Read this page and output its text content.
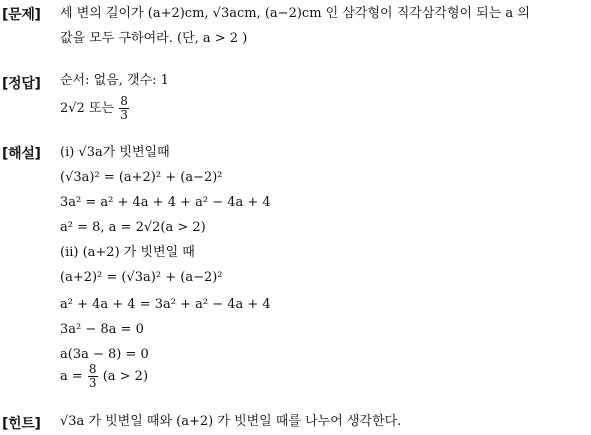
[문제] 세 변의 길이가 (a+2)cm, √3acm, (a−2)cm 인 삼각형이 직각삼각형이 되는 a 의
값을 모두 구하여라. (단, a > 2 )
[정답] 순서: 없음, 갯수: 1
2√2 또는 $\frac{8}{3}$
[해설] (i) √3a가 빗변일때
(√3a)² = (a+2)² + (a−2)²
3a² = a² + 4a + 4 + a² − 4a + 4
a² = 8, a = 2√2(a > 2)
(ii) (a+2) 가 빗변일 때
(a+2)² = (√3a)² + (a−2)²
a² + 4a + 4 = 3a² + a² − 4a + 4
3a² − 8a = 0
a(3a − 8) = 0
$a = \frac{8}{3} (a > 2)$
[힌트] √3a 가 빗변일 때와 (a+2) 가 빗변일 때를 나누어 생각한다.
